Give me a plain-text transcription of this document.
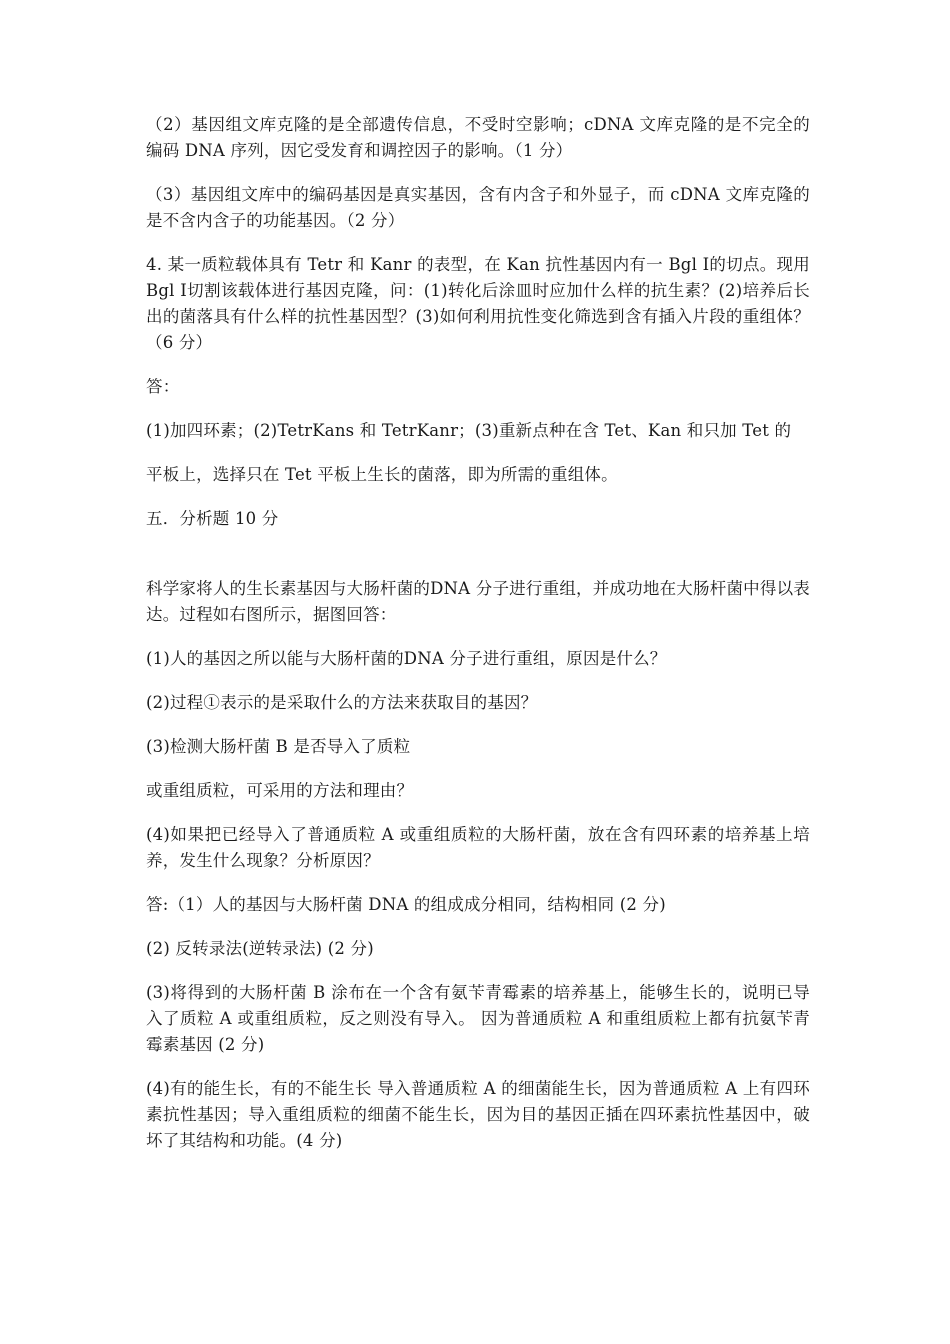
（2）基因组文库克隆的是全部遗传信息，不受时空影响；cDNA 文库克隆的是不完全的编码 DNA 序列，因它受发育和调控因子的影响。（1 分）

（3）基因组文库中的编码基因是真实基因，含有内含子和外显子，而 cDNA 文库克隆的是不含内含子的功能基因。（2 分）

4. 某一质粒载体具有 Tetr 和 Kanr 的表型，在 Kan 抗性基因内有一 Bgl Ⅰ的切点。现用 Bgl Ⅰ切割该载体进行基因克隆，问：(1)转化后涂皿时应加什么样的抗生素？(2)培养后长出的菌落具有什么样的抗性基因型？(3)如何利用抗性变化筛选到含有插入片段的重组体？（6 分）

答：

(1)加四环素；(2)TetrKans 和 TetrKanr；(3)重新点种在含 Tet、Kan 和只加 Tet 的

平板上，选择只在 Tet 平板上生长的菌落，即为所需的重组体。

五．分析题 10 分

科学家将人的生长素基因与大肠杆菌的DNA 分子进行重组，并成功地在大肠杆菌中得以表达。过程如右图所示，据图回答：

(1)人的基因之所以能与大肠杆菌的DNA 分子进行重组，原因是什么？

(2)过程①表示的是采取什么的方法来获取目的基因？

(3)检测大肠杆菌 B 是否导入了质粒

或重组质粒，可采用的方法和理由？

(4)如果把已经导入了普通质粒 A 或重组质粒的大肠杆菌，放在含有四环素的培养基上培养，发生什么现象？分析原因？

答:（1）人的基因与大肠杆菌 DNA 的组成成分相同，结构相同 (2 分)

(2) 反转录法(逆转录法) (2 分)

(3)将得到的大肠杆菌 B 涂布在一个含有氨苄青霉素的培养基上，能够生长的，说明已导入了质粒 A 或重组质粒，反之则没有导入。 因为普通质粒 A 和重组质粒上都有抗氨苄青霉素基因 (2 分)

(4)有的能生长，有的不能生长 导入普通质粒 A 的细菌能生长，因为普通质粒 A 上有四环素抗性基因；导入重组质粒的细菌不能生长，因为目的基因正插在四环素抗性基因中，破坏了其结构和功能。(4 分)
